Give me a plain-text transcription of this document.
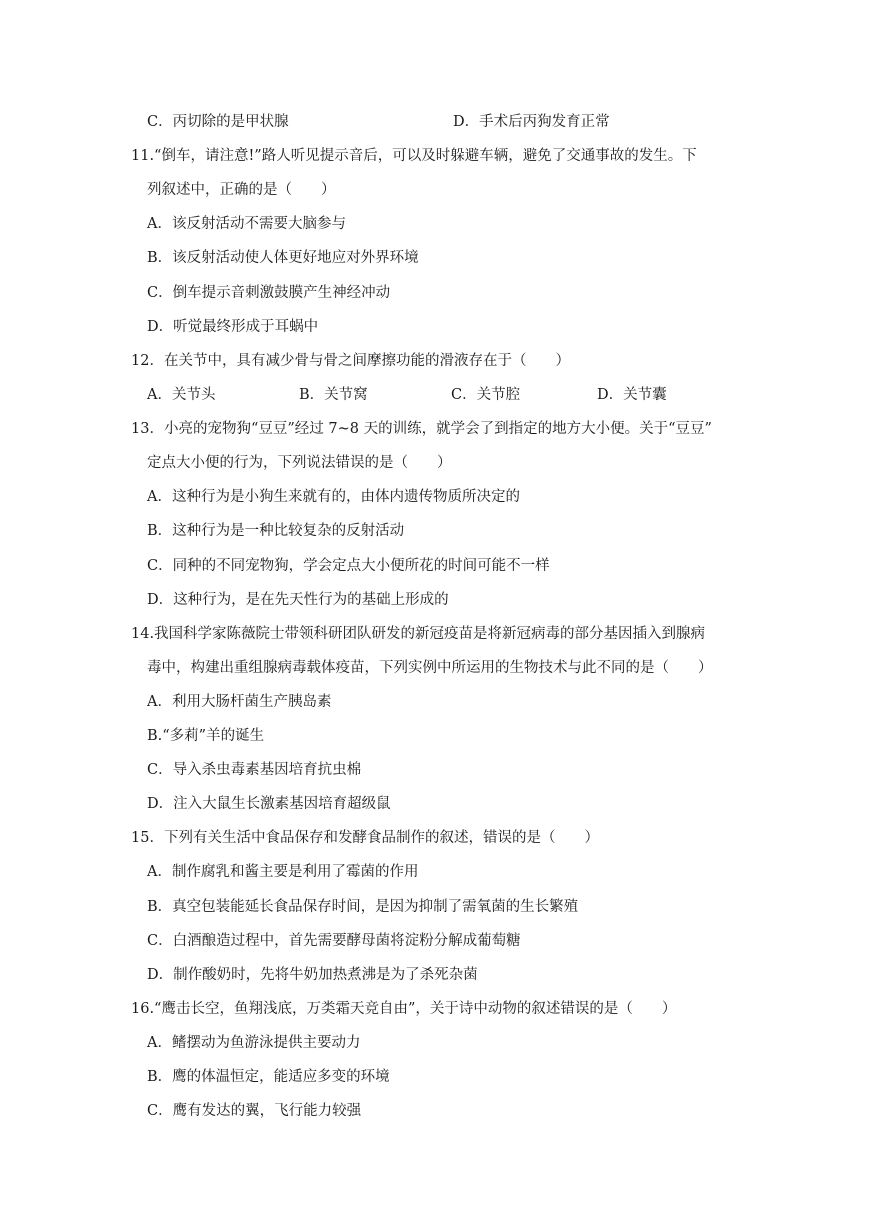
C．丙切除的是甲状腺	D．手术后丙狗发育正常
11.“倒车，请注意!”路人听见提示音后，可以及时躲避车辆，避免了交通事故的发生。下
列叙述中，正确的是（　　）
A．该反射活动不需要大脑参与
B．该反射活动使人体更好地应对外界环境
C．倒车提示音刺激鼓膜产生神经冲动
D．听觉最终形成于耳蜗中
12．在关节中，具有减少骨与骨之间摩擦功能的滑液存在于（　　）
A．关节头	B．关节窝	C．关节腔	D．关节囊
13．小亮的宠物狗“豆豆”经过 7~8 天的训练，就学会了到指定的地方大小便。关于“豆豆”
定点大小便的行为，下列说法错误的是（　　）
A．这种行为是小狗生来就有的，由体内遗传物质所决定的
B．这种行为是一种比较复杂的反射活动
C．同种的不同宠物狗，学会定点大小便所花的时间可能不一样
D．这种行为，是在先天性行为的基础上形成的
14.我国科学家陈薇院士带领科研团队研发的新冠疫苗是将新冠病毒的部分基因插入到腺病
毒中，构建出重组腺病毒载体疫苗，下列实例中所运用的生物技术与此不同的是（　　）
A．利用大肠杆菌生产胰岛素
B.“多莉”羊的诞生
C．导入杀虫毒素基因培育抗虫棉
D．注入大鼠生长激素基因培育超级鼠
15．下列有关生活中食品保存和发酵食品制作的叙述，错误的是（　　）
A．制作腐乳和酱主要是利用了霉菌的作用
B．真空包装能延长食品保存时间，是因为抑制了需氧菌的生长繁殖
C．白酒酿造过程中，首先需要酵母菌将淀粉分解成葡萄糖
D．制作酸奶时，先将牛奶加热煮沸是为了杀死杂菌
16.“鹰击长空，鱼翔浅底，万类霜天竞自由”，关于诗中动物的叙述错误的是（　　）
A．鳍摆动为鱼游泳提供主要动力
B．鹰的体温恒定，能适应多变的环境
C．鹰有发达的翼，飞行能力较强
